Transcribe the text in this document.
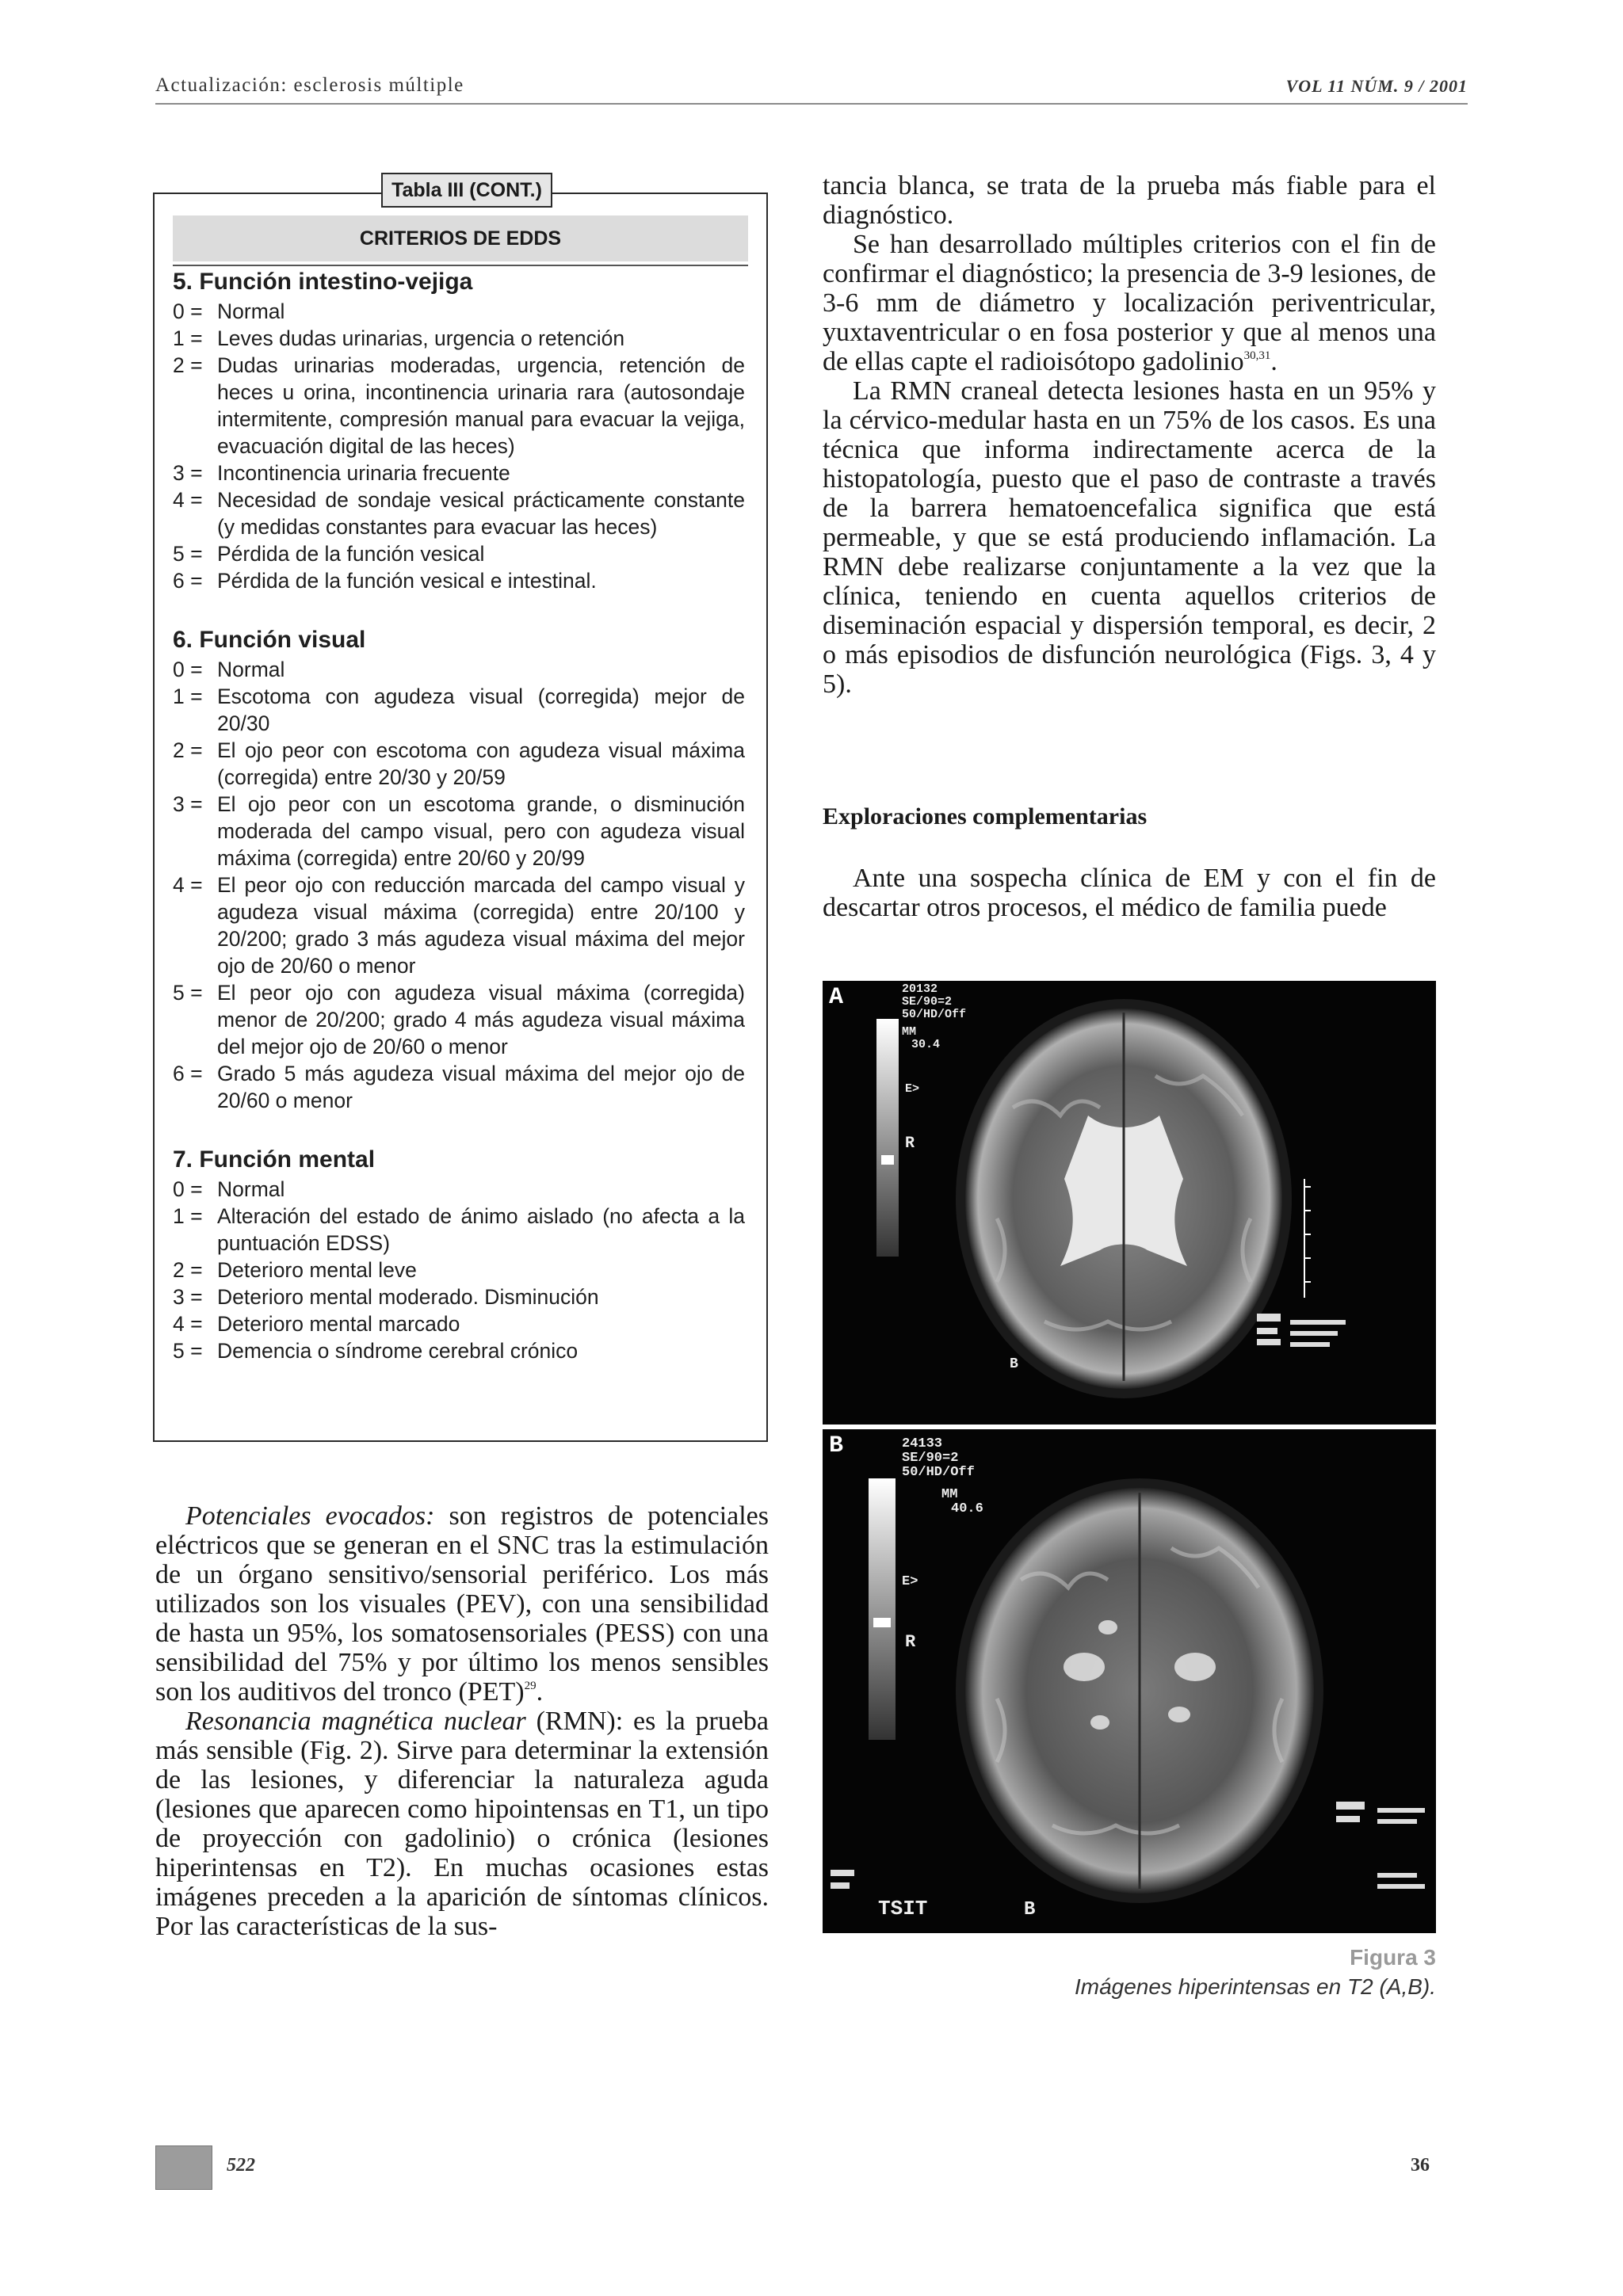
Actualización: esclerosis múltiple	VOL 11 NÚM. 9 / 2001
Tabla III (CONT.)
CRITERIOS DE EDDS
5. Función intestino-vejiga
0 = Normal
1 = Leves dudas urinarias, urgencia o retención
2 = Dudas urinarias moderadas, urgencia, retención de heces u orina, incontinencia urinaria rara (autosondaje intermitente, compresión manual para evacuar la vejiga, evacuación digital de las heces)
3 = Incontinencia urinaria frecuente
4 = Necesidad de sondaje vesical prácticamente constante (y medidas constantes para evacuar las heces)
5 = Pérdida de la función vesical
6 = Pérdida de la función vesical e intestinal.
6. Función visual
0 = Normal
1 = Escotoma con agudeza visual (corregida) mejor de 20/30
2 = El ojo peor con escotoma con agudeza visual máxima (corregida) entre 20/30 y 20/59
3 = El ojo peor con un escotoma grande, o disminución moderada del campo visual, pero con agudeza visual máxima (corregida) entre 20/60 y 20/99
4 = El peor ojo con reducción marcada del campo visual y agudeza visual máxima (corregida) entre 20/100 y 20/200; grado 3 más agudeza visual máxima del mejor ojo de 20/60 o menor
5 = El peor ojo con agudeza visual máxima (corregida) menor de 20/200; grado 4 más agudeza visual máxima del mejor ojo de 20/60 o menor
6 = Grado 5 más agudeza visual máxima del mejor ojo de 20/60 o menor
7. Función mental
0 = Normal
1 = Alteración del estado de ánimo aislado (no afecta a la puntuación EDSS)
2 = Deterioro mental leve
3 = Deterioro mental moderado. Disminución
4 = Deterioro mental marcado
5 = Demencia o síndrome cerebral crónico

tancia blanca, se trata de la prueba más fiable para el diagnóstico.

Se han desarrollado múltiples criterios con el fin de confirmar el diagnóstico; la presencia de 3-9 lesiones, de 3-6 mm de diámetro y localización periventricular, yuxtaventricular o en fosa posterior y que al menos una de ellas capte el radioisótopo gadolinio$^{30,31}$.

La RMN craneal detecta lesiones hasta en un 95% y la cérvico-medular hasta en un 75% de los casos. Es una técnica que informa indirectamente acerca de la histopatología, puesto que el paso de contraste a través de la barrera hematoencefalica significa que está permeable, y que se está produciendo inflamación. La RMN debe realizarse conjuntamente a la vez que la clínica, teniendo en cuenta aquellos criterios de diseminación espacial y dispersión temporal, es decir, 2 o más episodios de disfunción neurológica (Figs. 3, 4 y 5).

Exploraciones complementarias

Ante una sospecha clínica de EM y con el fin de descartar otros procesos, el médico de familia puede

Potenciales evocados: son registros de potenciales eléctricos que se generan en el SNC tras la estimulación de un órgano sensitivo/sensorial periférico. Los más utilizados son los visuales (PEV), con una sensibilidad de hasta un 95%, los somatosensoriales (PESS) con una sensibilidad del 75% y por último los menos sensibles son los auditivos del tronco (PET)$^{29}$.

Resonancia magnética nuclear (RMN): es la prueba más sensible (Fig. 2). Sirve para determinar la extensión de las lesiones, y diferenciar la naturaleza aguda (lesiones que aparecen como hipointensas en T1, un tipo de proyección con gadolinio) o crónica (lesiones hiperintensas en T2). En muchas ocasiones estas imágenes preceden a la aparición de síntomas clínicos. Por las características de la sus-

A	20132
SE/90=2
50/HD/Off
MM
30.4
E>
R
B
B	24133
SE/90=2
50/HD/Off
MM
40.6
E>
R
TSIT	B
Figura 3
Imágenes hiperintensas en T2 (A,B).
522	36
